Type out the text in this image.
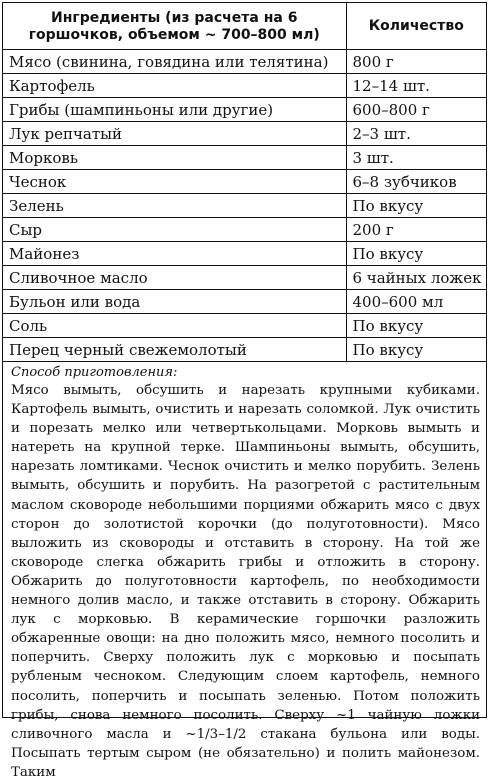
Ингредиенты (из расчета на 6 горшочков, объемом ~ 700–800 мл)	Количество
Мясо (свинина, говядина или телятина)	800 г
Картофель	12–14 шт.
Грибы (шампиньоны или другие)	600–800 г
Лук репчатый	2–3 шт.
Морковь	3 шт.
Чеснок	6–8 зубчиков
Зелень	По вкусу
Сыр	200 г
Майонез	По вкусу
Сливочное масло	6 чайных ложек
Бульон или вода	400–600 мл
Соль	По вкусу
Перец черный свежемолотый	По вкусу
Способ приготовления:
Мясо вымыть, обсушить и нарезать крупными кубиками. Картофель вымыть, очистить и нарезать соломкой. Лук очистить и порезать мелко или четвертькольцами. Морковь вымыть и натереть на крупной терке. Шампиньоны вымыть, обсушить, нарезать ломтиками. Чеснок очистить и мелко порубить. Зелень вымыть, обсушить и порубить. На разогретой с растительным маслом сковороде небольшими порциями обжарить мясо с двух сторон до золотистой корочки (до полуготовности). Мясо выложить из сковороды и отставить в сторону. На той же сковороде слегка обжарить грибы и отложить в сторону. Обжарить до полуготовности картофель, по необходимости немного долив масло, и также отставить в сторону. Обжарить лук с морковью. В керамические горшочки разложить обжаренные овощи: на дно положить мясо, немного посолить и поперчить. Сверху положить лук с морковью и посыпать рубленым чесноком. Следующим слоем картофель, немного посолить, поперчить и посыпать зеленью. Потом положить грибы, снова немного посолить. Сверху ~1 чайную ложки сливочного масла и ~1/3–1/2 стакана бульона или воды. Посыпать тертым сыром (не обязательно) и полить майонезом. Таким
